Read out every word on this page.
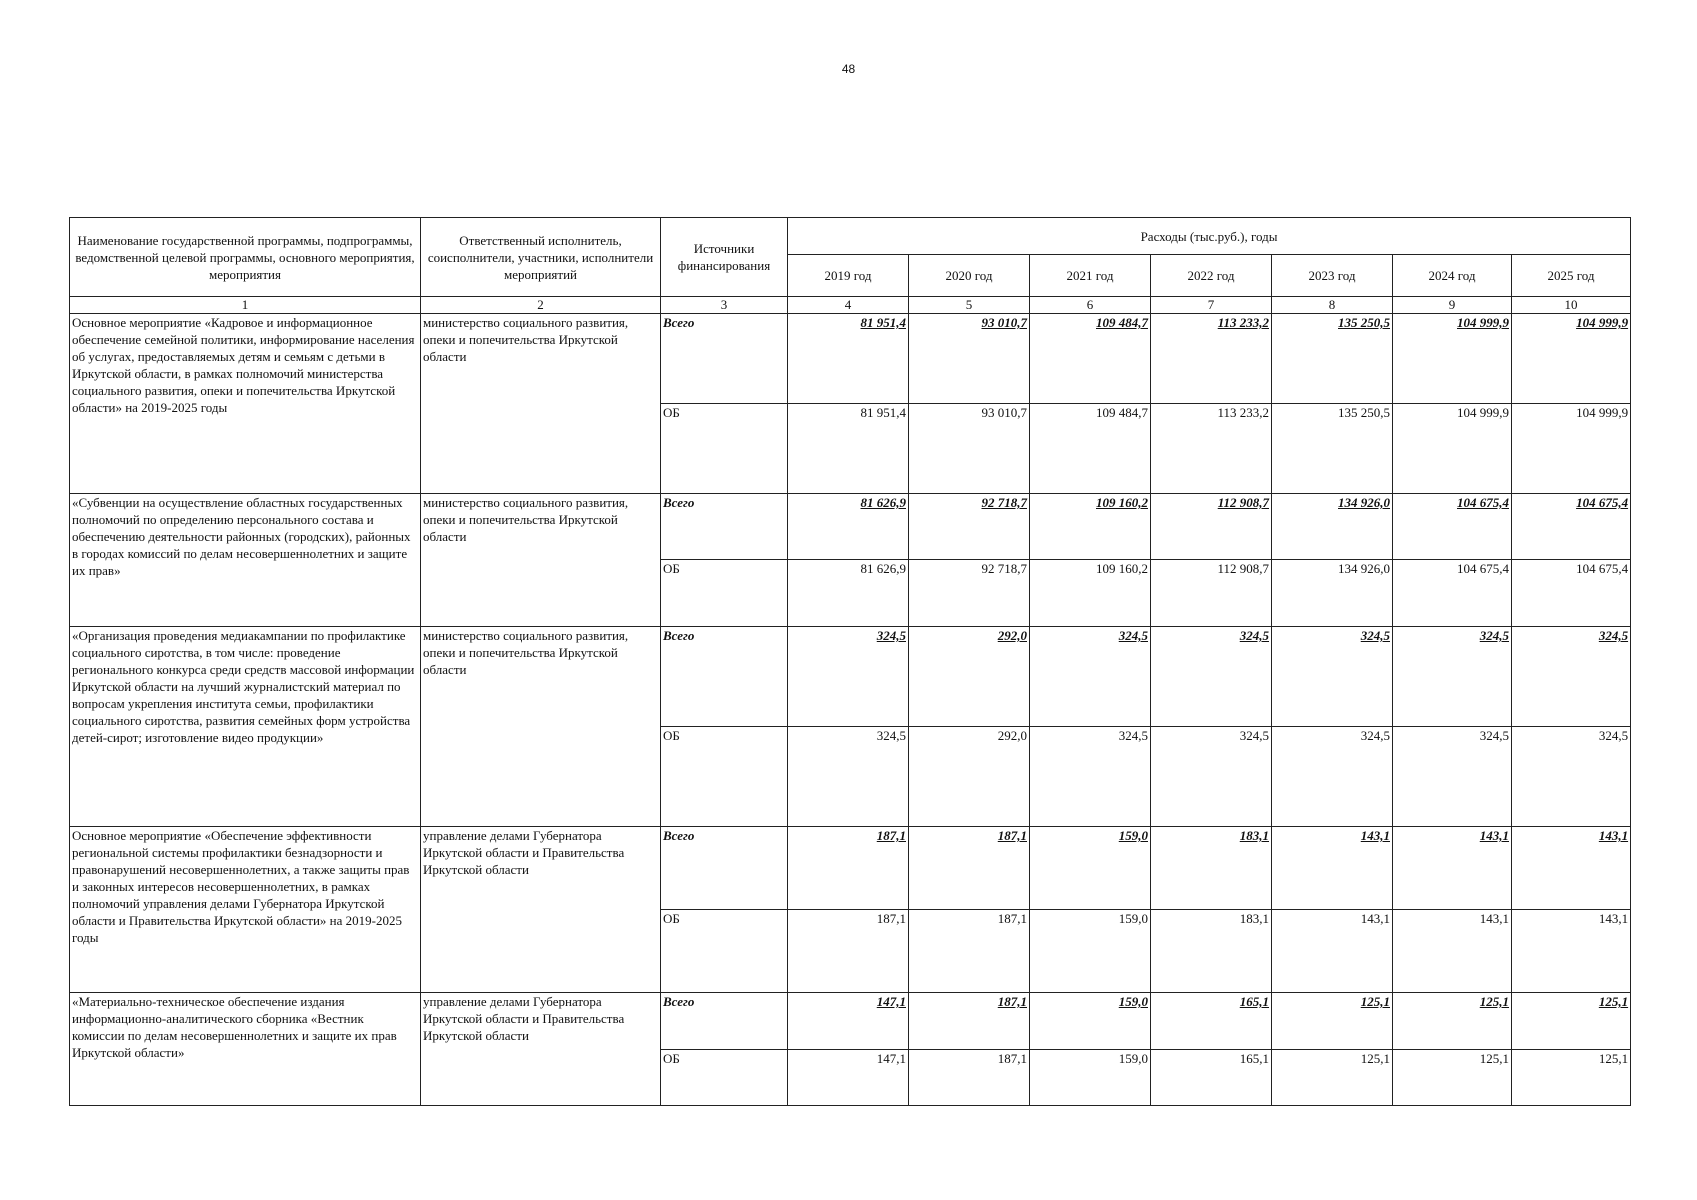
48
Наименование государственной программы, подпрограммы, ведомственной целевой программы, основного мероприятия, мероприятия	Ответственный исполнитель, соисполнители, участники, исполнители мероприятий	Источники финансирования	Расходы (тыс.руб.), годы						
			2019 год	2020 год	2021 год	2022 год	2023 год	2024 год	2025 год
1	2	3	4	5	6	7	8	9	10
Основное мероприятие «Кадровое и информационное обеспечение семейной политики, информирование населения об услугах, предоставляемых детям и семьям с детьми в Иркутской области, в рамках полномочий министерства социального развития, опеки и попечительства Иркутской области» на 2019-2025 годы	министерство социального развития, опеки и попечительства Иркутской области	Всего	81 951,4	93 010,7	109 484,7	113 233,2	135 250,5	104 999,9	104 999,9
		ОБ	81 951,4	93 010,7	109 484,7	113 233,2	135 250,5	104 999,9	104 999,9
«Субвенции на осуществление областных государственных полномочий по определению персонального состава и обеспечению деятельности районных (городских), районных в городах комиссий по делам несовершеннолетних и защите их прав»	министерство социального развития, опеки и попечительства Иркутской области	Всего	81 626,9	92 718,7	109 160,2	112 908,7	134 926,0	104 675,4	104 675,4
		ОБ	81 626,9	92 718,7	109 160,2	112 908,7	134 926,0	104 675,4	104 675,4
«Организация проведения медиакампании по профилактике социального сиротства, в том числе: проведение регионального конкурса среди средств массовой информации Иркутской области на лучший журналистский материал по вопросам укрепления института семьи, профилактики социального сиротства, развития семейных форм устройства детей-сирот; изготовление видео продукции»	министерство социального развития, опеки и попечительства Иркутской области	Всего	324,5	292,0	324,5	324,5	324,5	324,5	324,5
		ОБ	324,5	292,0	324,5	324,5	324,5	324,5	324,5
Основное мероприятие «Обеспечение эффективности региональной системы профилактики безнадзорности и правонарушений несовершеннолетних, а также защиты прав и законных интересов несовершеннолетних, в рамках полномочий управления делами Губернатора Иркутской области и Правительства Иркутской области» на 2019-2025 годы	управление делами Губернатора Иркутской области и Правительства Иркутской области	Всего	187,1	187,1	159,0	183,1	143,1	143,1	143,1
		ОБ	187,1	187,1	159,0	183,1	143,1	143,1	143,1
«Материально-техническое обеспечение издания информационно-аналитического сборника «Вестник комиссии по делам несовершеннолетних и защите их прав Иркутской области»	управление делами Губернатора Иркутской области и Правительства Иркутской области	Всего	147,1	187,1	159,0	165,1	125,1	125,1	125,1
		ОБ	147,1	187,1	159,0	165,1	125,1	125,1	125,1
